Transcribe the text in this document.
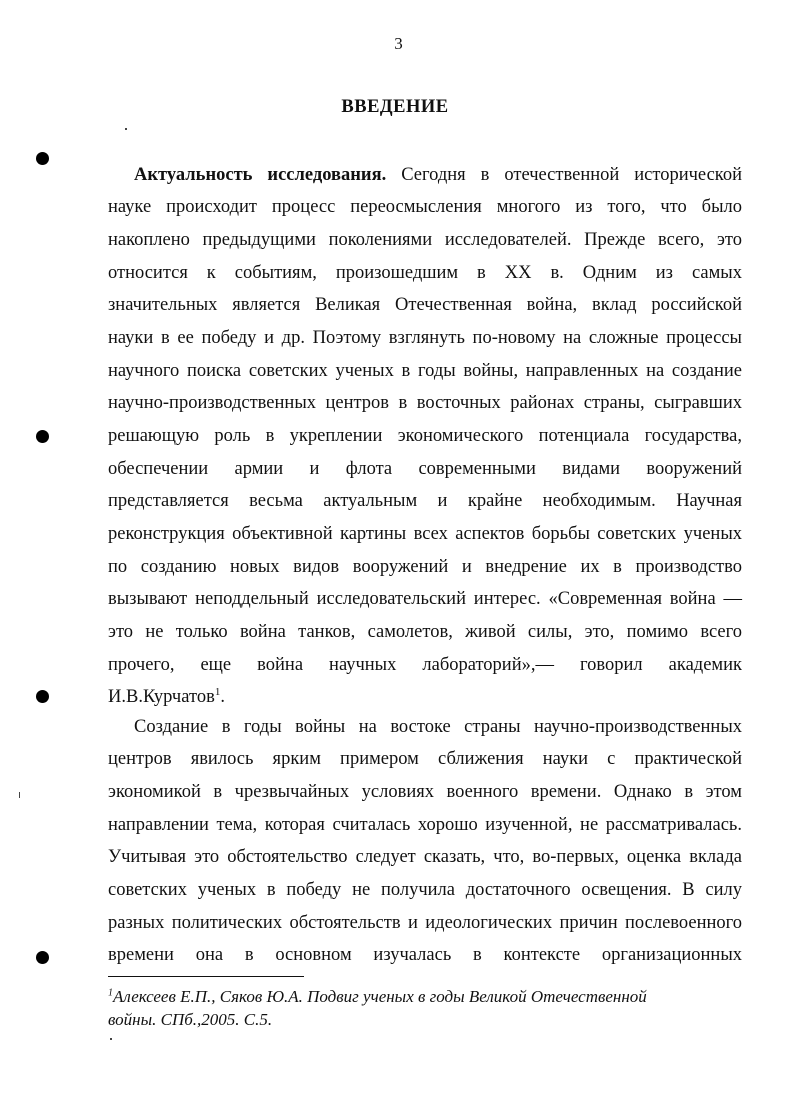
3
ВВЕДЕНИЕ
Актуальность исследования. Сегодня в отечественной исторической
науке происходит процесс переосмысления многого из того, что было
накоплено предыдущими поколениями исследователей. Прежде всего, это
относится к событиям, произошедшим в XX в. Одним из самых
значительных является Великая Отечественная война, вклад российской
науки в ее победу и др. Поэтому взглянуть по-новому на сложные процессы
научного поиска советских ученых в годы войны, направленных на создание
научно-производственных центров в восточных районах страны, сыгравших
решающую роль в укреплении экономического потенциала государства,
обеспечении армии и флота современными видами вооружений
представляется весьма актуальным и крайне необходимым. Научная
реконструкция объективной картины всех аспектов борьбы советских ученых
по созданию новых видов вооружений и внедрение их в производство
вызывают неподдельный исследовательский интерес. «Современная война —
это не только война танков, самолетов, живой силы, это, помимо всего
прочего, еще война научных лабораторий»,— говорил академик
И.В.Курчатов$^1$.
Создание в годы войны на востоке страны научно-производственных
центров явилось ярким примером сближения науки с практической
экономикой в чрезвычайных условиях военного времени. Однако в этом
направлении тема, которая считалась хорошо изученной, не рассматривалась.
Учитывая это обстоятельство следует сказать, что, во-первых, оценка вклада
советских ученых в победу не получила достаточного освещения. В силу
разных политических обстоятельств и идеологических причин послевоенного
времени она в основном изучалась в контексте организационных
$^1$Алексеев Е.П., Сяков Ю.А. Подвиг ученых в годы Великой Отечественной
войны. СПб.,2005. С.5.
